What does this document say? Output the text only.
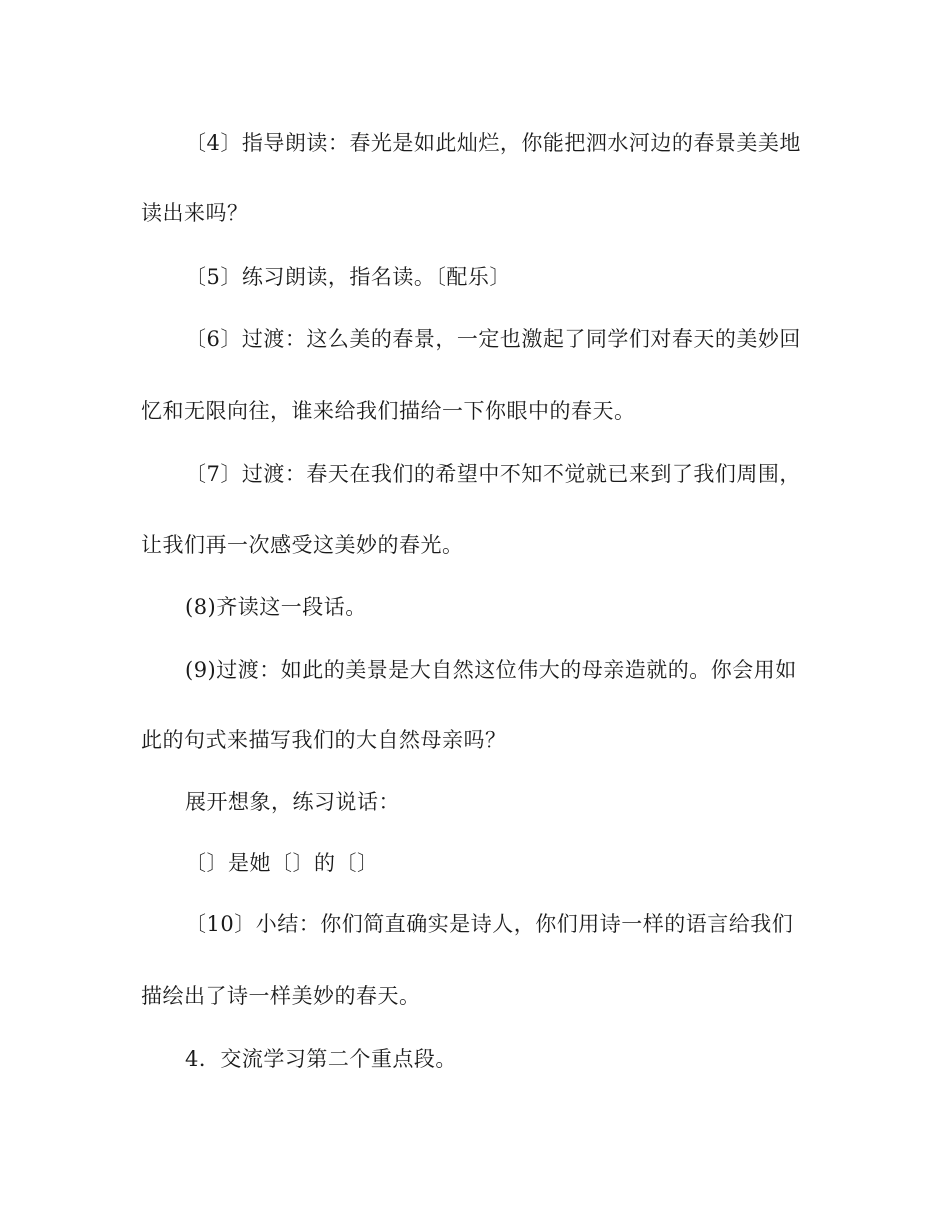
〔4〕指导朗读：春光是如此灿烂，你能把泗水河边的春景美美地
读出来吗？
〔5〕练习朗读，指名读。〔配乐〕
〔6〕过渡：这么美的春景，一定也激起了同学们对春天的美妙回
忆和无限向往，谁来给我们描给一下你眼中的春天。
〔7〕过渡：春天在我们的希望中不知不觉就已来到了我们周围，
让我们再一次感受这美妙的春光。
(8)齐读这一段话。
(9)过渡：如此的美景是大自然这位伟大的母亲造就的。你会用如
此的句式来描写我们的大自然母亲吗？
展开想象，练习说话：
〔〕是她〔〕的〔〕
〔10〕小结：你们简直确实是诗人，你们用诗一样的语言给我们
描绘出了诗一样美妙的春天。
4．交流学习第二个重点段。
